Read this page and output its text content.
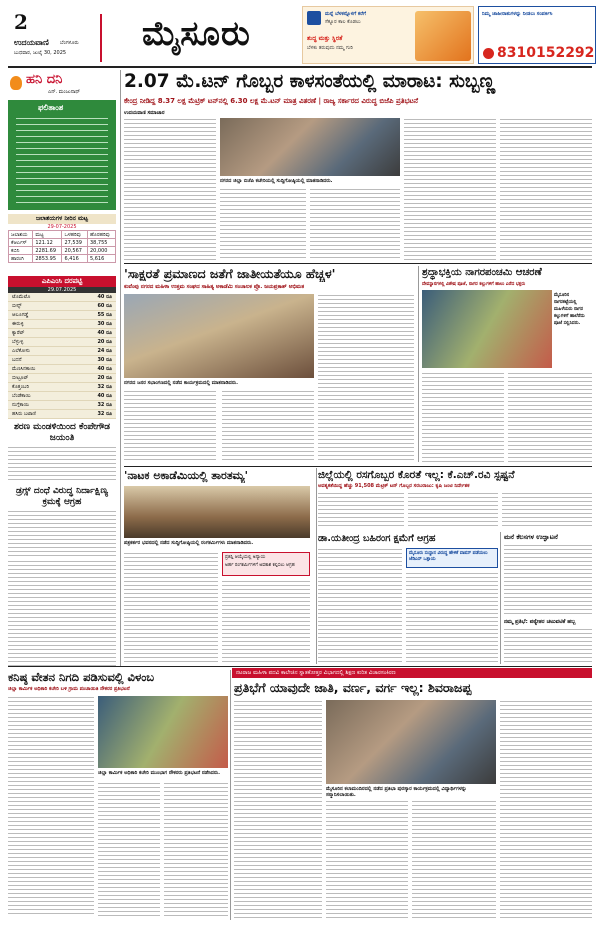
2
ಉದಯವಾಣಿ ಬೆಂಗಳೂರು
ಬುಧವಾರ, ಜುಲೈ 30, 2025 ಮೈಸೂರು	ಮನ್ನೆ ಬೆಳಕನ್ನೊಳಗೆ ಕರೆಗೆ
ಸೆಕ್ಯೂರ ಕಾಲ ಕೊಡಲು
ಶುದ್ಧ ಮತ್ತು ಸ್ಥಿರತೆ
ಬೆಳಕು ತರುವುದು ನಮ್ಮ ಗುರಿ
ನಿಮ್ಮ ಜಾಹೀರಾತುಗಳನ್ನು ನೀಡಲು ಸಂಪರ್ಕಿಸಿ
8310152292
ಹನಿ ದನಿ
ಎನ್. ಮಂಜುನಾಥ್
ಫಲಿತಾಂಶ
ಜಲಾಶಯಗಳ ನೀರಿನ ಮಟ್ಟ
29-07-2025
ಜಲಾಶಯ	ಮಟ್ಟ	ಒಳಹರಿವು	ಹೊರಹರಿವು
ಕೆಆರ್ಎಸ್	121.12	27,539	38,755
ಕಬಿನಿ	2281.69	20,567	20,000
ಹಾರಂಗಿ	2853.95	6,416	5,616
ಎಪಿಎಂಸಿ ದರಪಟ್ಟಿ
29.07.2025
ಟೊಮೆಟೊ	40 ರೂ
ಬೀನ್ಸ್	60 ರೂ
ಆಲೂಗಡ್ಡೆ	55 ರೂ
ಈರುಳ್ಳಿ	30 ರೂ
ಕ್ಯಾರೆಟ್	40 ರೂ
ಬೆಳ್ಳುಳ್ಳಿ	20 ರೂ
ಎಲೆಕೋಸು	24 ರೂ
ಬದನೆ	30 ರೂ
ಮೆಣಸಿನಕಾಯಿ	40 ರೂ
ಬೀಟ್ರೂಟ್	20 ರೂ
ಕೊತ್ತಂಬರಿ	32 ರೂ
ಬೆಂಡೆಕಾಯಿ	40 ರೂ
ನುಗ್ಗೆಕಾಯಿ	32 ರೂ
ಹಸಿರು ಬಟಾಣಿ	32 ರೂ
ಶರಣ ಮಂಡಳಿಯಿಂದ ಕೆಂಪೇಗೌಡ ಜಯಂತಿ
ಡ್ರಗ್ಸ್ ದಂಧೆ ವಿರುದ್ಧ ನಿರ್ದಾಕ್ಷಿಣ್ಯ ಕ್ರಮಕ್ಕೆ ಆಗ್ರಹ
2.07 ಮೆ.ಟನ್ ಗೊಬ್ಬರ ಕಾಳಸಂತೆಯಲ್ಲಿ ಮಾರಾಟ: ಸುಬ್ಬಣ್ಣ
ಕೇಂದ್ರ ನೀಡಿದ್ದ 8.37 ಲಕ್ಷ ಮೆಟ್ರಿಕ್ ಟನ್‌ನಲ್ಲಿ 6.30 ಲಕ್ಷ ಮೆ.ಟನ್ ಮಾತ್ರ ವಿತರಣೆ | ರಾಜ್ಯ ಸರ್ಕಾರದ ವಿರುದ್ಧ ಬಿಜೆಪಿ ಪ್ರತಿಭಟನೆ
ಉದಯವಾಣಿ ಸಮಾಚಾರ
ನಗರದ ಜಿಲ್ಲಾ ಬಿಜೆಪಿ ಕಚೇರಿಯಲ್ಲಿ ಸುದ್ದಿಗೋಷ್ಠಿಯಲ್ಲಿ ಮಾತನಾಡಿದರು.
'ಸಾಕ್ಷರತೆ ಪ್ರಮಾಣದ ಜತೆಗೆ ಜಾತೀಯತೆಯೂ ಹೆಚ್ಚಳ'
ಕುವೆಂಪು ನಗರದ ಮಹಿಳಾ ಉತ್ತಮ ಸಂಘದ ಸಾಹಿತ್ಯ ಅಕಾಡೆಮಿ ಸಂಚಾಲಕ ಪ್ರೊ. ಜಯಪ್ರಕಾಶ್ ಅಭಿಮತ
ನಗರದ ಜನರ ಸಭಾಂಗಣದಲ್ಲಿ ನಡೆದ ಕಾರ್ಯಕ್ರಮದಲ್ಲಿ ಮಾತನಾಡಿದರು.
ಶ್ರದ್ಧಾಭಕ್ತಿಯ ನಾಗರಪಂಚಮಿ ಆಚರಣೆ
ದೇವಸ್ಥಾನಗಳಲ್ಲಿ ವಿಶೇಷ ಪೂಜೆ, ನಾಗರ ಕಲ್ಲುಗಳಿಗೆ ಹಾಲು ಎರೆದ ಭಕ್ತರು
ಮೈಸೂರಿನ ನಾಗರಕಟ್ಟೆಯಲ್ಲಿ ಮಹಿಳೆಯರು ನಾಗರ ಕಲ್ಲುಗಳಿಗೆ ಹಾಲೆರೆದು ಪೂಜೆ ಸಲ್ಲಿಸಿದರು.
'ನಾಟಕ ಅಕಾಡೆಮಿಯಲ್ಲಿ ತಾರತಮ್ಯ'
ಪತ್ರಕರ್ತರ ಭವನದಲ್ಲಿ ನಡೆದ ಸುದ್ದಿಗೋಷ್ಠಿಯಲ್ಲಿ ರಂಗಕರ್ಮಿಗಳು ಮಾತನಾಡಿದರು.
ಪ್ರಶಸ್ತಿ ಆಯ್ಕೆಯಲ್ಲಿ ಅನ್ಯಾಯ
ಅರ್ಹ ರಂಗಕರ್ಮಿಗಳಿಗೆ ಅವಕಾಶ ಕಲ್ಪಿಸಲು ಆಗ್ರಹ
ಜಿಲ್ಲೆಯಲ್ಲಿ ರಸಗೊಬ್ಬರ ಕೊರತೆ ಇಲ್ಲ: ಕೆ.ಎಚ್.ರವಿ ಸ್ಪಷ್ಟನೆ
ಅವಶ್ಯಕತೆಯಿದ್ದ ಹೆಚ್ಚು 91,508 ಮೆಟ್ರಿಕ್ ಟನ್ ಗೊಬ್ಬರ ಸರಬರಾಜು: ಕೃಷಿ ಜಂಟಿ ನಿರ್ದೇಶಕ
ಡಾ.ಯತೀಂದ್ರ ಬಹಿರಂಗ ಕ್ಷಮೆಗೆ ಆಗ್ರಹ
ಮೈಸೂರು ಸಂಸ್ಥಾನ ವಿರುದ್ಧ ಹೇಳಿಕೆ ವಾಪಸ್ ಪಡೆಯಲು ಜೆಡಿಎಸ್ ಒತ್ತಾಯ
ಮನೆ ಕೆಲಸಗಳ ಉದ್ಘಾಟನೆ
ನಮ್ಮ ಪ್ರತಿಭೆ: ಪಠ್ಯೇತರ ಚಟುವಟಿಕೆ ಹಬ್ಬ
ನಟರಾಜ ಮಹಿಳಾ ಪದವಿ ಕಾಲೇಜಿನ ಸ್ನಾತಕೋತ್ತರ ವಿಭಾಗದಲ್ಲಿ ಶಿಕ್ಷಣ ಕುರಿತ ವಿಚಾರಸಂಕಿರಣ
ಕನಿಷ್ಠ ವೇತನ ನಿಗದಿ ಪಡಿಸುವಲ್ಲಿ ವಿಳಂಬ
ಜಿಲ್ಲಾ ಕಾರ್ಮಿಕ ಅಧಿಕಾರಿ ಕಚೇರಿ ಬಳಿ ಗ್ರಾಮ ಪಂಚಾಯಿತಿ ನೌಕರರ ಪ್ರತಿಭಟನೆ
ಜಿಲ್ಲಾ ಕಾರ್ಮಿಕ ಅಧಿಕಾರಿ ಕಚೇರಿ ಮುಂಭಾಗ ನೌಕರರು ಪ್ರತಿಭಟನೆ ನಡೆಸಿದರು.
ಪ್ರತಿಭೆಗೆ ಯಾವುದೇ ಜಾತಿ, ವರ್ಣ, ವರ್ಗ ಇಲ್ಲ: ಶಿವರಾಜಪ್ಪ
ಮೈಸೂರಿನ ಕಲಾಮಂದಿರದಲ್ಲಿ ನಡೆದ ಪ್ರತಿಭಾ ಪುರಸ್ಕಾರ ಕಾರ್ಯಕ್ರಮದಲ್ಲಿ ವಿದ್ಯಾರ್ಥಿಗಳನ್ನು ಸನ್ಮಾನಿಸಲಾಯಿತು.
